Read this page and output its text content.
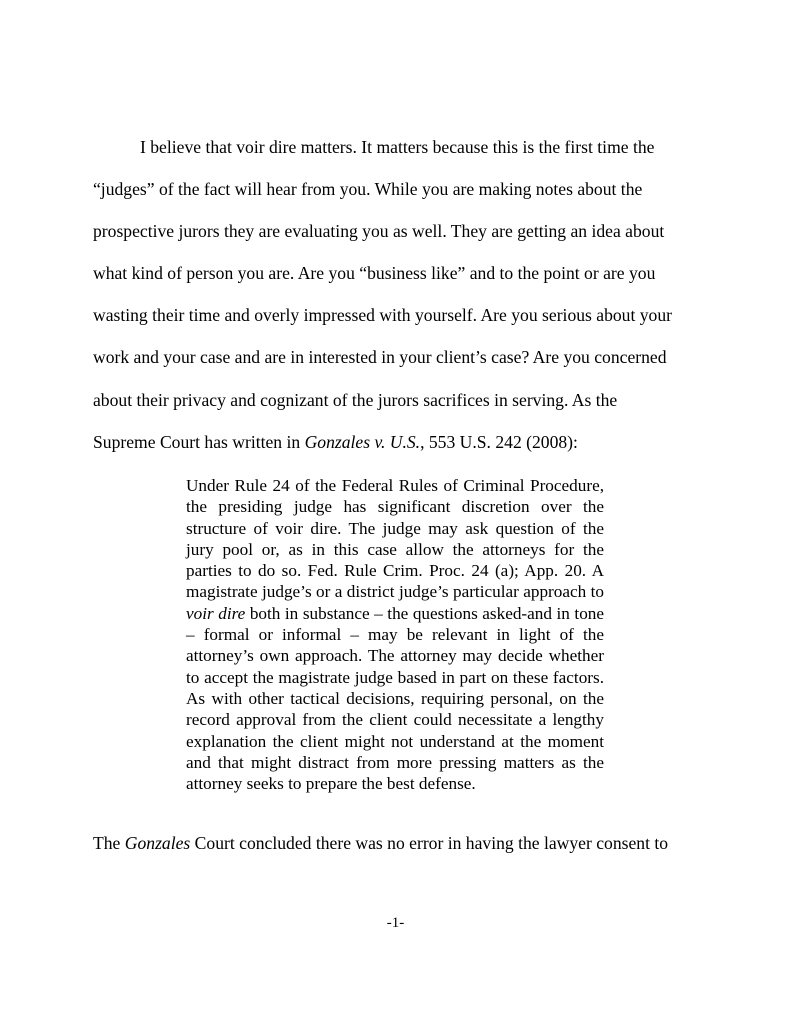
I believe that voir dire matters. It matters because this is the first time the

“judges” of the fact will hear from you. While you are making notes about the

prospective jurors they are evaluating you as well. They are getting an idea about

what kind of person you are. Are you “business like” and to the point or are you

wasting their time and overly impressed with yourself. Are you serious about your

work and your case and are in interested in your client’s case? Are you concerned

about their privacy and cognizant of the jurors sacrifices in serving. As the

Supreme Court has written in Gonzales v. U.S., 553 U.S. 242 (2008):

Under Rule 24 of the Federal Rules of Criminal Procedure, the presiding judge has significant discretion over the structure of voir dire. The judge may ask question of the jury pool or, as in this case allow the attorneys for the parties to do so. Fed. Rule Crim. Proc. 24 (a); App. 20. A magistrate judge’s or a district judge’s particular approach to voir dire both in substance – the questions asked-and in tone – formal or informal – may be relevant in light of the attorney’s own approach. The attorney may decide whether to accept the magistrate judge based in part on these factors. As with other tactical decisions, requiring personal, on the record approval from the client could necessitate a lengthy explanation the client might not understand at the moment and that might distract from more pressing matters as the attorney seeks to prepare the best defense.

The Gonzales Court concluded there was no error in having the lawyer consent to

-1-
